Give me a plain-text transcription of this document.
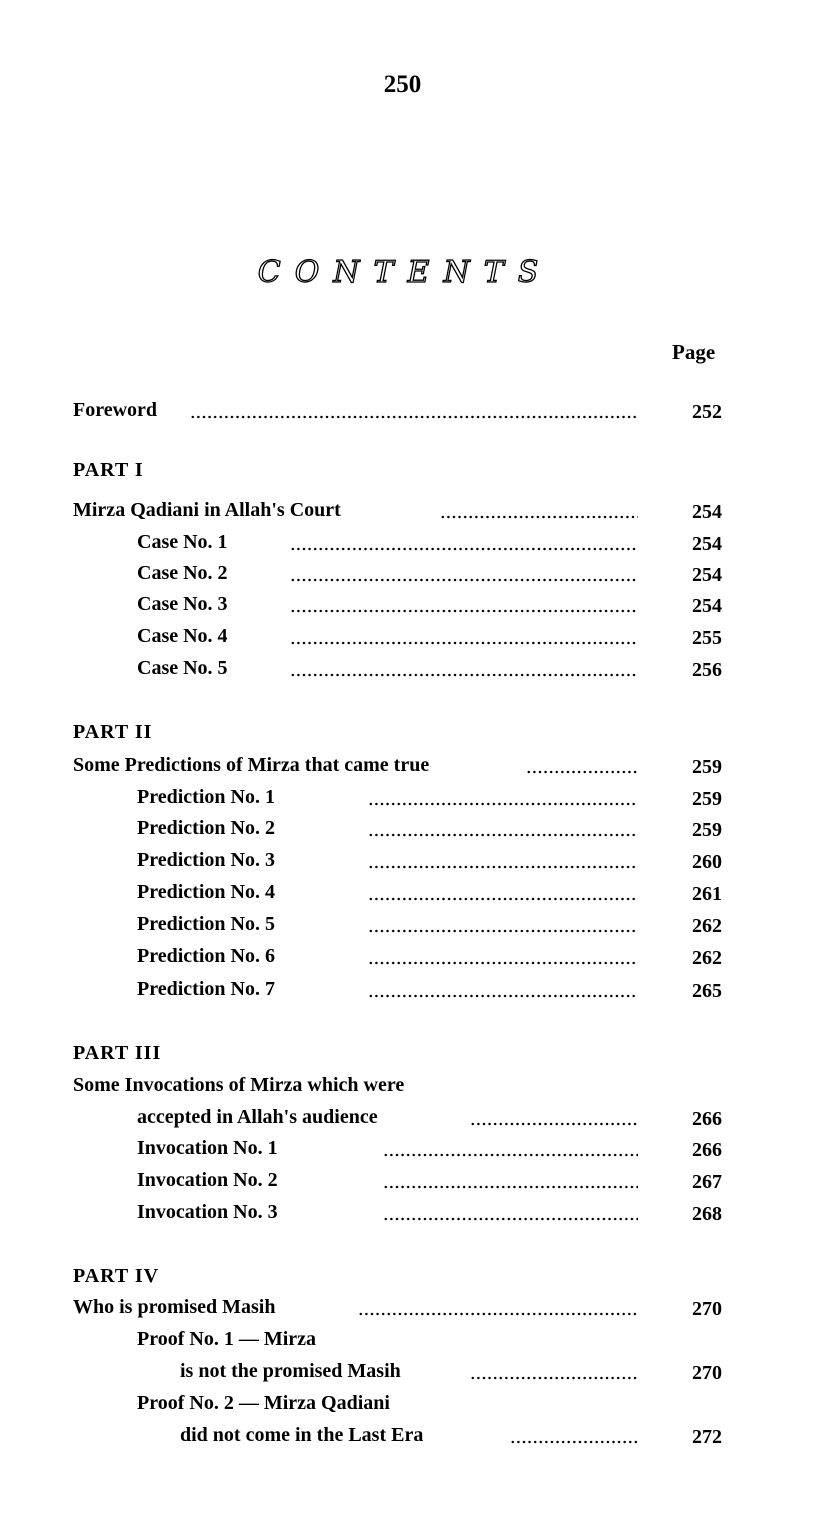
250
CONTENTS
Page
Foreword	252
PART I
Mirza Qadiani in Allah's Court	254
Case No. 1	254
Case No. 2	254
Case No. 3	254
Case No. 4	255
Case No. 5	256
PART II
Some Predictions of Mirza that came true	259
Prediction No. 1	259
Prediction No. 2	259
Prediction No. 3	260
Prediction No. 4	261
Prediction No. 5	262
Prediction No. 6	262
Prediction No. 7	265
PART III
Some Invocations of Mirza which were
accepted in Allah's audience	266
Invocation No. 1	266
Invocation No. 2	267
Invocation No. 3	268
PART IV
Who is promised Masih	270
Proof No. 1 — Mirza
is not the promised Masih	270
Proof No. 2 — Mirza Qadiani
did not come in the Last Era	272
